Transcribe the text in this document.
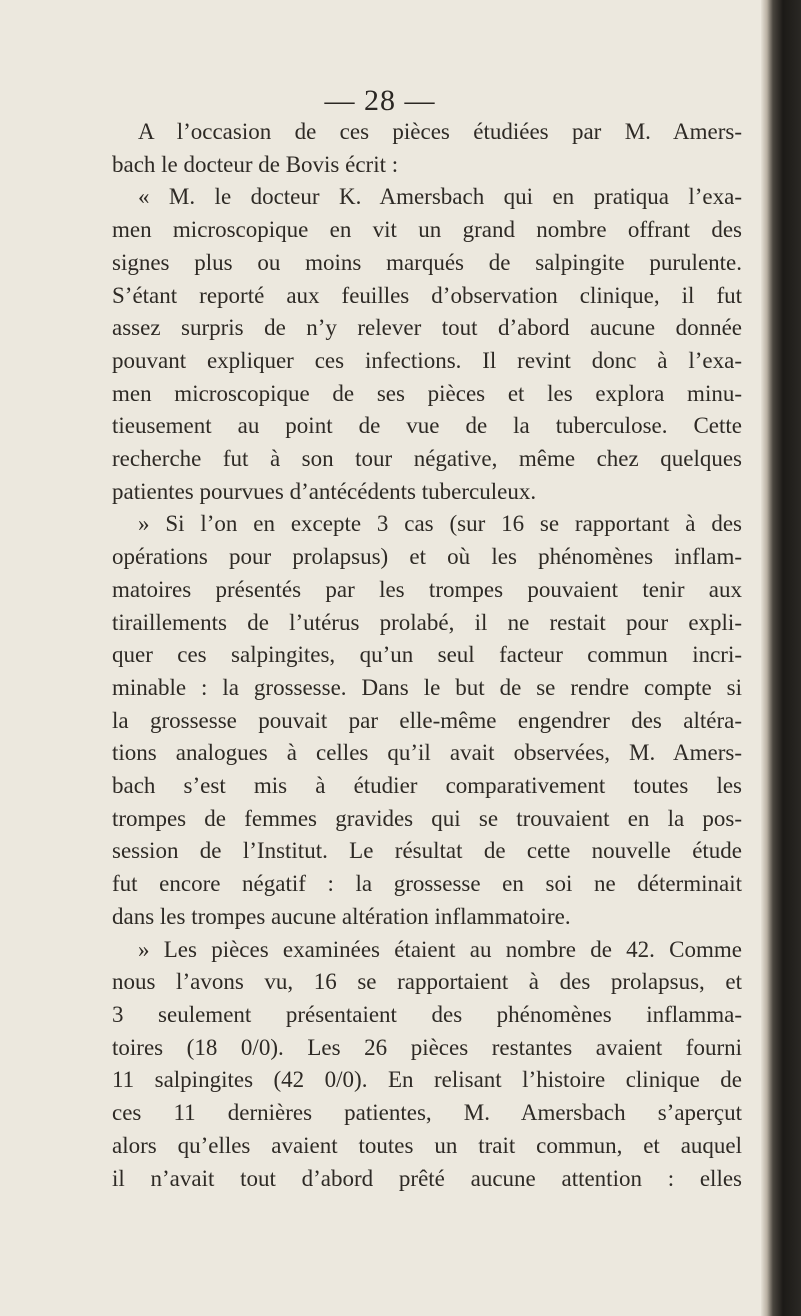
— 28 —
A l’occasion de ces pièces étudiées par M. Amers-
bach le docteur de Bovis écrit :
« M. le docteur K. Amersbach qui en pratiqua l’exa-
men microscopique en vit un grand nombre offrant des
signes plus ou moins marqués de salpingite purulente.
S’étant reporté aux feuilles d’observation clinique, il fut
assez surpris de n’y relever tout d’abord aucune donnée
pouvant expliquer ces infections. Il revint donc à l’exa-
men microscopique de ses pièces et les explora minu-
tieusement au point de vue de la tuberculose. Cette
recherche fut à son tour négative, même chez quelques
patientes pourvues d’antécédents tuberculeux.
» Si l’on en excepte 3 cas (sur 16 se rapportant à des
opérations pour prolapsus) et où les phénomènes inflam-
matoires présentés par les trompes pouvaient tenir aux
tiraillements de l’utérus prolabé, il ne restait pour expli-
quer ces salpingites, qu’un seul facteur commun incri-
minable : la grossesse. Dans le but de se rendre compte si
la grossesse pouvait par elle-même engendrer des altéra-
tions analogues à celles qu’il avait observées, M. Amers-
bach s’est mis à étudier comparativement toutes les
trompes de femmes gravides qui se trouvaient en la pos-
session de l’Institut. Le résultat de cette nouvelle étude
fut encore négatif : la grossesse en soi ne déterminait
dans les trompes aucune altération inflammatoire.
» Les pièces examinées étaient au nombre de 42. Comme
nous l’avons vu, 16 se rapportaient à des prolapsus, et
3 seulement présentaient des phénomènes inflamma-
toires (18 0/0). Les 26 pièces restantes avaient fourni
11 salpingites (42 0/0). En relisant l’histoire clinique de
ces 11 dernières patientes, M. Amersbach s’aperçut
alors qu’elles avaient toutes un trait commun, et auquel
il n’avait tout d’abord prêté aucune attention : elles
